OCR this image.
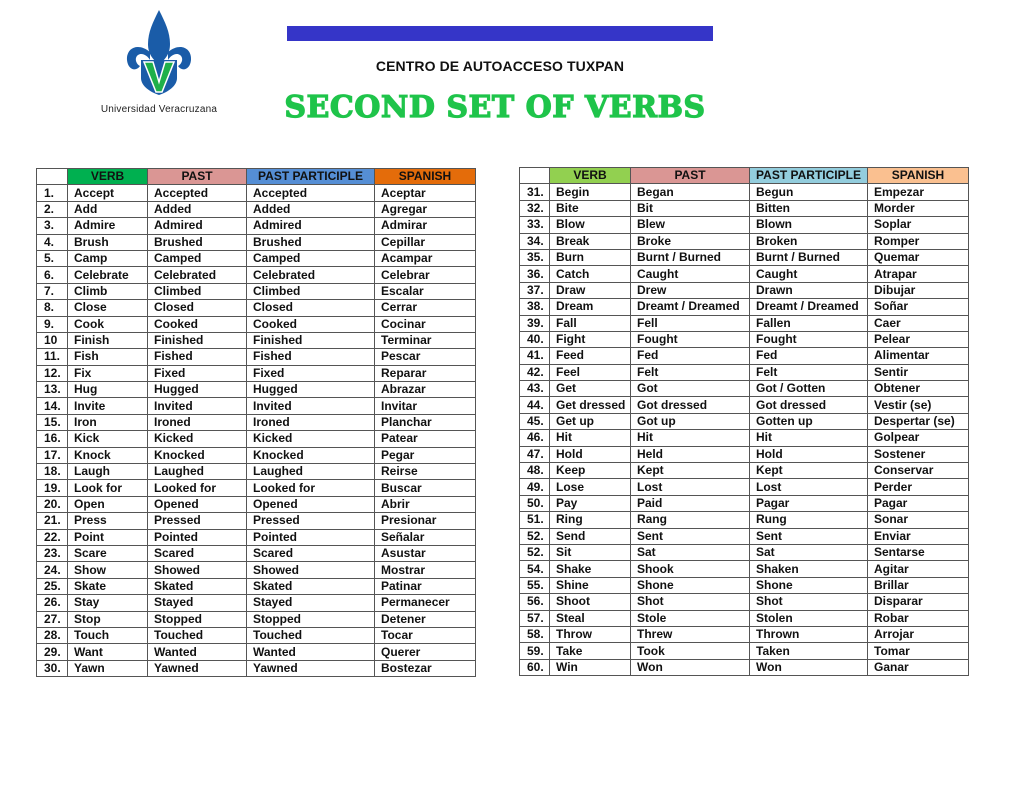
Universidad Veracruzana
CENTRO DE AUTOACCESO TUXPAN
SECOND SET OF VERBS
	VERB	PAST	PAST PARTICIPLE	SPANISH
1.	Accept	Accepted	Accepted	Aceptar
2.	Add	Added	Added	Agregar
3.	Admire	Admired	Admired	Admirar
4.	Brush	Brushed	Brushed	Cepillar
5.	Camp	Camped	Camped	Acampar
6.	Celebrate	Celebrated	Celebrated	Celebrar
7.	Climb	Climbed	Climbed	Escalar
8.	Close	Closed	Closed	Cerrar
9.	Cook	Cooked	Cooked	Cocinar
10	Finish	Finished	Finished	Terminar
11.	Fish	Fished	Fished	Pescar
12.	Fix	Fixed	Fixed	Reparar
13.	Hug	Hugged	Hugged	Abrazar
14.	Invite	Invited	Invited	Invitar
15.	Iron	Ironed	Ironed	Planchar
16.	Kick	Kicked	Kicked	Patear
17.	Knock	Knocked	Knocked	Pegar
18.	Laugh	Laughed	Laughed	Reirse
19.	Look for	Looked for	Looked for	Buscar
20.	Open	Opened	Opened	Abrir
21.	Press	Pressed	Pressed	Presionar
22.	Point	Pointed	Pointed	Señalar
23.	Scare	Scared	Scared	Asustar
24.	Show	Showed	Showed	Mostrar
25.	Skate	Skated	Skated	Patinar
26.	Stay	Stayed	Stayed	Permanecer
27.	Stop	Stopped	Stopped	Detener
28.	Touch	Touched	Touched	Tocar
29.	Want	Wanted	Wanted	Querer
30.	Yawn	Yawned	Yawned	Bostezar
	VERB	PAST	PAST PARTICIPLE	SPANISH
31.	Begin	Began	Begun	Empezar
32.	Bite	Bit	Bitten	Morder
33.	Blow	Blew	Blown	Soplar
34.	Break	Broke	Broken	Romper
35.	Burn	Burnt / Burned	Burnt / Burned	Quemar
36.	Catch	Caught	Caught	Atrapar
37.	Draw	Drew	Drawn	Dibujar
38.	Dream	Dreamt / Dreamed	Dreamt / Dreamed	Soñar
39.	Fall	Fell	Fallen	Caer
40.	Fight	Fought	Fought	Pelear
41.	Feed	Fed	Fed	Alimentar
42.	Feel	Felt	Felt	Sentir
43.	Get	Got	Got / Gotten	Obtener
44.	Get dressed	Got dressed	Got dressed	Vestir (se)
45.	Get up	Got up	Gotten up	Despertar (se)
46.	Hit	Hit	Hit	Golpear
47.	Hold	Held	Hold	Sostener
48.	Keep	Kept	Kept	Conservar
49.	Lose	Lost	Lost	Perder
50.	Pay	Paid	Pagar	Pagar
51.	Ring	Rang	Rung	Sonar
52.	Send	Sent	Sent	Enviar
52.	Sit	Sat	Sat	Sentarse
54.	Shake	Shook	Shaken	Agitar
55.	Shine	Shone	Shone	Brillar
56.	Shoot	Shot	Shot	Disparar
57.	Steal	Stole	Stolen	Robar
58.	Throw	Threw	Thrown	Arrojar
59.	Take	Took	Taken	Tomar
60.	Win	Won	Won	Ganar
